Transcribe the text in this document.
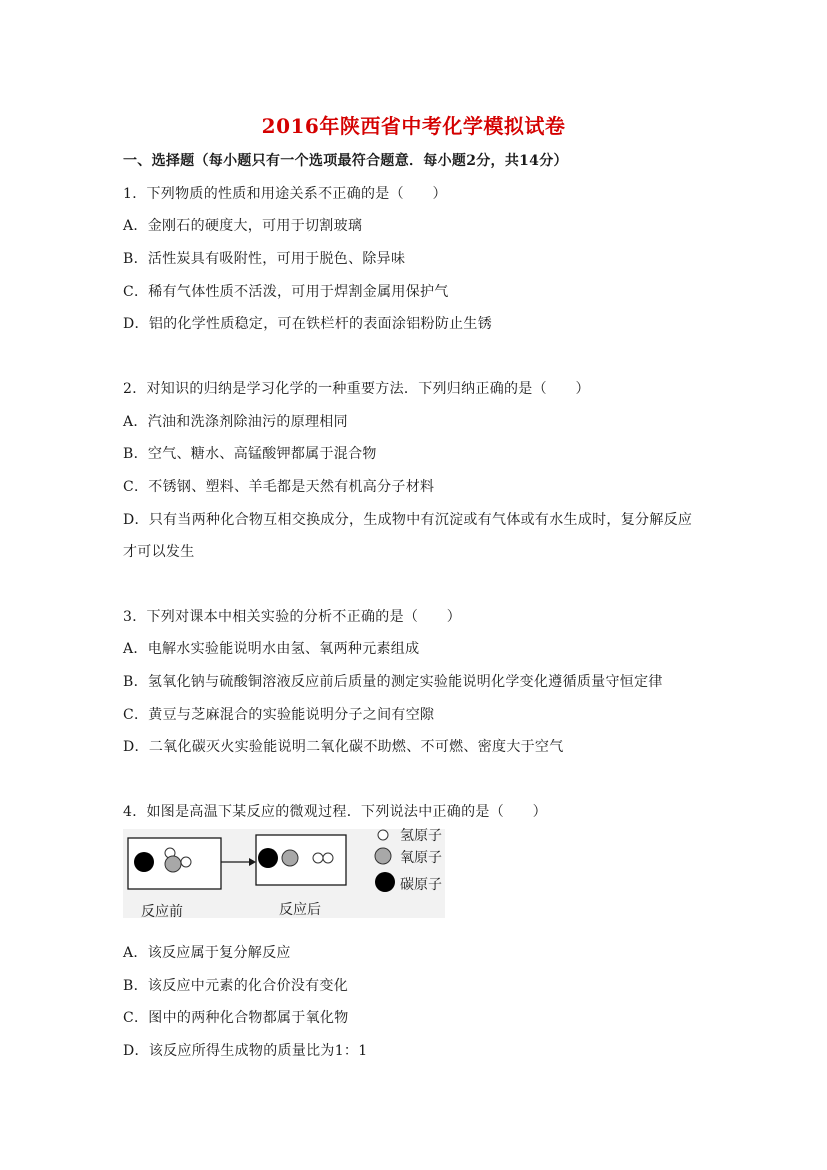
2016年陕西省中考化学模拟试卷
一、选择题（每小题只有一个选项最符合题意．每小题2分，共14分）
1．下列物质的性质和用途关系不正确的是（　　）
A．金刚石的硬度大，可用于切割玻璃
B．活性炭具有吸附性，可用于脱色、除异味
C．稀有气体性质不活泼，可用于焊割金属用保护气
D．铝的化学性质稳定，可在铁栏杆的表面涂铝粉防止生锈
2．对知识的归纳是学习化学的一种重要方法．下列归纳正确的是（　　）
A．汽油和洗涤剂除油污的原理相同
B．空气、糖水、高锰酸钾都属于混合物
C．不锈钢、塑料、羊毛都是天然有机高分子材料
D．只有当两种化合物互相交换成分，生成物中有沉淀或有气体或有水生成时，复分解反应
才可以发生
3．下列对课本中相关实验的分析不正确的是（　　）
A．电解水实验能说明水由氢、氧两种元素组成
B．氢氧化钠与硫酸铜溶液反应前后质量的测定实验能说明化学变化遵循质量守恒定律
C．黄豆与芝麻混合的实验能说明分子之间有空隙
D．二氧化碳灭火实验能说明二氧化碳不助燃、不可燃、密度大于空气
4．如图是高温下某反应的微观过程．下列说法中正确的是（　　）
反应前	反应后
氢原子
氧原子
碳原子
A．该反应属于复分解反应
B．该反应中元素的化合价没有变化
C．图中的两种化合物都属于氧化物
D．该反应所得生成物的质量比为1：1
